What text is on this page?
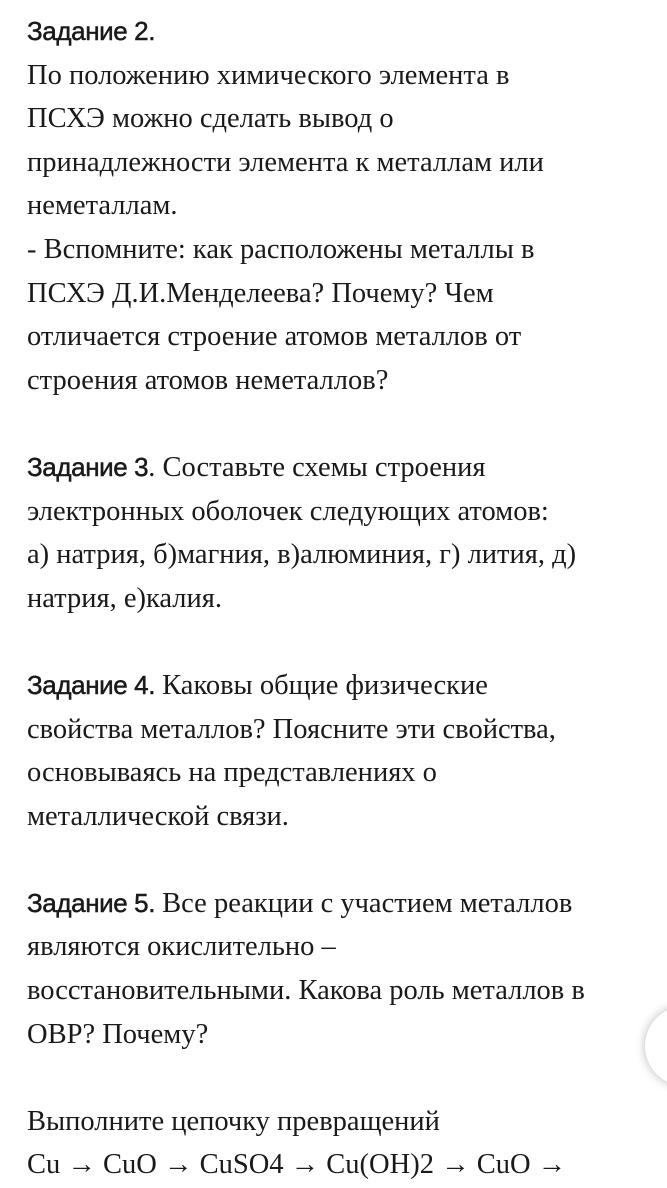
Задание 2.
По положению химического элемента в
ПСХЭ можно сделать вывод о
принадлежности элемента к металлам или
неметаллам.
- Вспомните: как расположены металлы в
ПСХЭ Д.И.Менделеева? Почему? Чем
отличается строение атомов металлов от
строения атомов неметаллов?
Задание 3. Составьте схемы строения
электронных оболочек следующих атомов:
а) натрия, б)магния, в)алюминия, г) лития, д)
натрия, е)калия.
Задание 4. Каковы общие физические
свойства металлов? Поясните эти свойства,
основываясь на представлениях о
металлической связи.
Задание 5. Все реакции с участием металлов
являются окислительно –
восстановительными. Какова роль металлов в
ОВР? Почему?
Выполните цепочку превращений
Cu → CuO → CuSO4 → Cu(OH)2 → CuO →
